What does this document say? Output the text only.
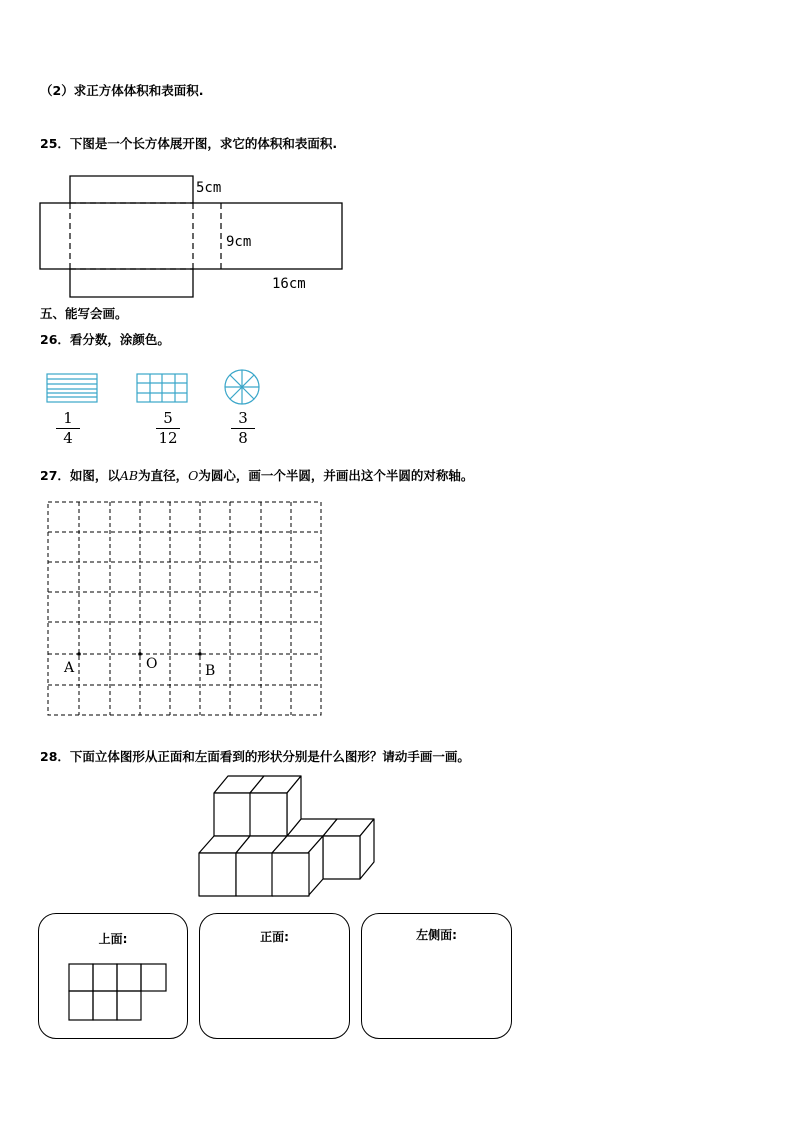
（2）求正方体体积和表面积.
25．下图是一个长方体展开图，求它的体积和表面积.
5cm
9cm
16cm
五、能写会画。
26．看分数，涂颜色。
1
4
5
12
3
8
27．如图，以AB为直径，O为圆心，画一个半圆，并画出这个半圆的对称轴。
A	O	B
28．下面立体图形从正面和左面看到的形状分别是什么图形？请动手画一画。
上面:	正面:	左侧面:
